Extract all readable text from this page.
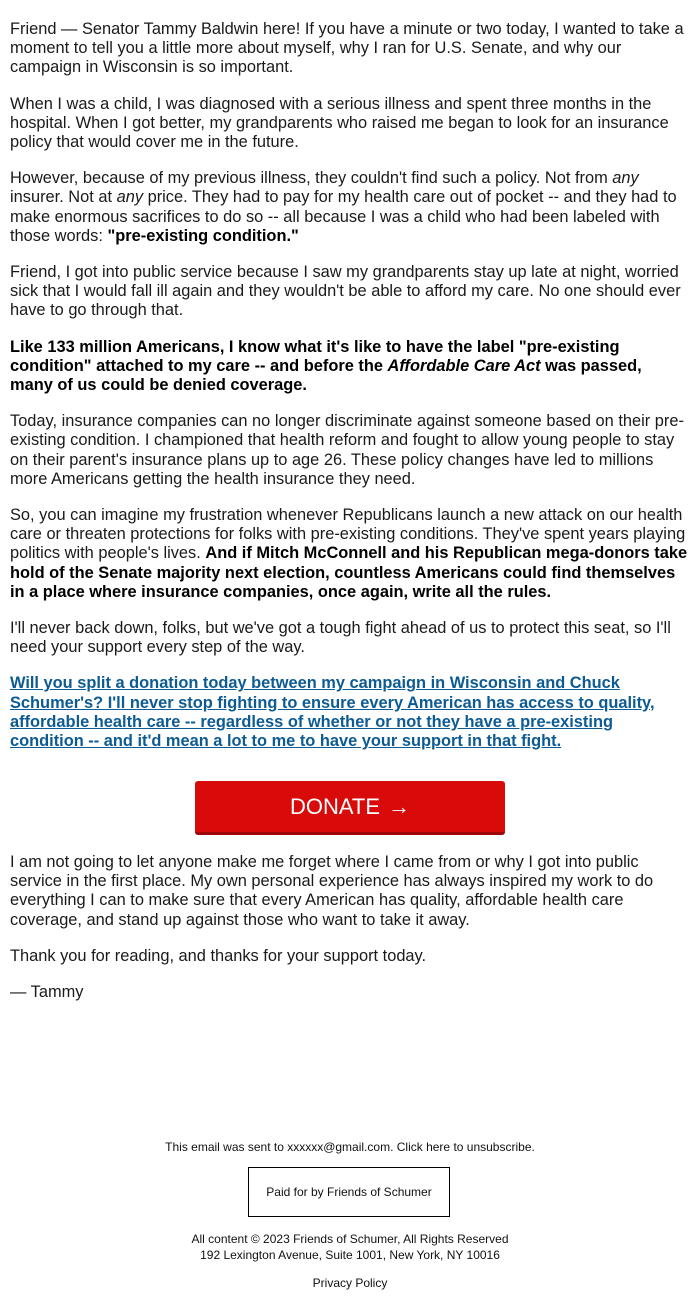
Friend — Senator Tammy Baldwin here! If you have a minute or two today, I wanted to take a moment to tell you a little more about myself, why I ran for U.S. Senate, and why our campaign in Wisconsin is so important.

When I was a child, I was diagnosed with a serious illness and spent three months in the hospital. When I got better, my grandparents who raised me began to look for an insurance policy that would cover me in the future.

However, because of my previous illness, they couldn't find such a policy. Not from any insurer. Not at any price. They had to pay for my health care out of pocket -- and they had to make enormous sacrifices to do so -- all because I was a child who had been labeled with those words: "pre-existing condition."

Friend, I got into public service because I saw my grandparents stay up late at night, worried sick that I would fall ill again and they wouldn't be able to afford my care. No one should ever have to go through that.

Like 133 million Americans, I know what it's like to have the label "pre-existing condition" attached to my care -- and before the Affordable Care Act was passed, many of us could be denied coverage.

Today, insurance companies can no longer discriminate against someone based on their pre-existing condition. I championed that health reform and fought to allow young people to stay on their parent's insurance plans up to age 26. These policy changes have led to millions more Americans getting the health insurance they need.

So, you can imagine my frustration whenever Republicans launch a new attack on our health care or threaten protections for folks with pre-existing conditions. They've spent years playing politics with people's lives. And if Mitch McConnell and his Republican mega-donors take hold of the Senate majority next election, countless Americans could find themselves in a place where insurance companies, once again, write all the rules.

I'll never back down, folks, but we've got a tough fight ahead of us to protect this seat, so I'll need your support every step of the way.

Will you split a donation today between my campaign in Wisconsin and Chuck Schumer's? I'll never stop fighting to ensure every American has access to quality, affordable health care -- regardless of whether or not they have a pre-existing condition -- and it'd mean a lot to me to have your support in that fight.

DONATE →

I am not going to let anyone make me forget where I came from or why I got into public service in the first place. My own personal experience has always inspired my work to do everything I can to make sure that every American has quality, affordable health care coverage, and stand up against those who want to take it away.

Thank you for reading, and thanks for your support today.

— Tammy

This email was sent to xxxxxx@gmail.com. Click here to unsubscribe.
Paid for by Friends of Schumer
All content © 2023 Friends of Schumer, All Rights Reserved
192 Lexington Avenue, Suite 1001, New York, NY 10016
Privacy Policy
